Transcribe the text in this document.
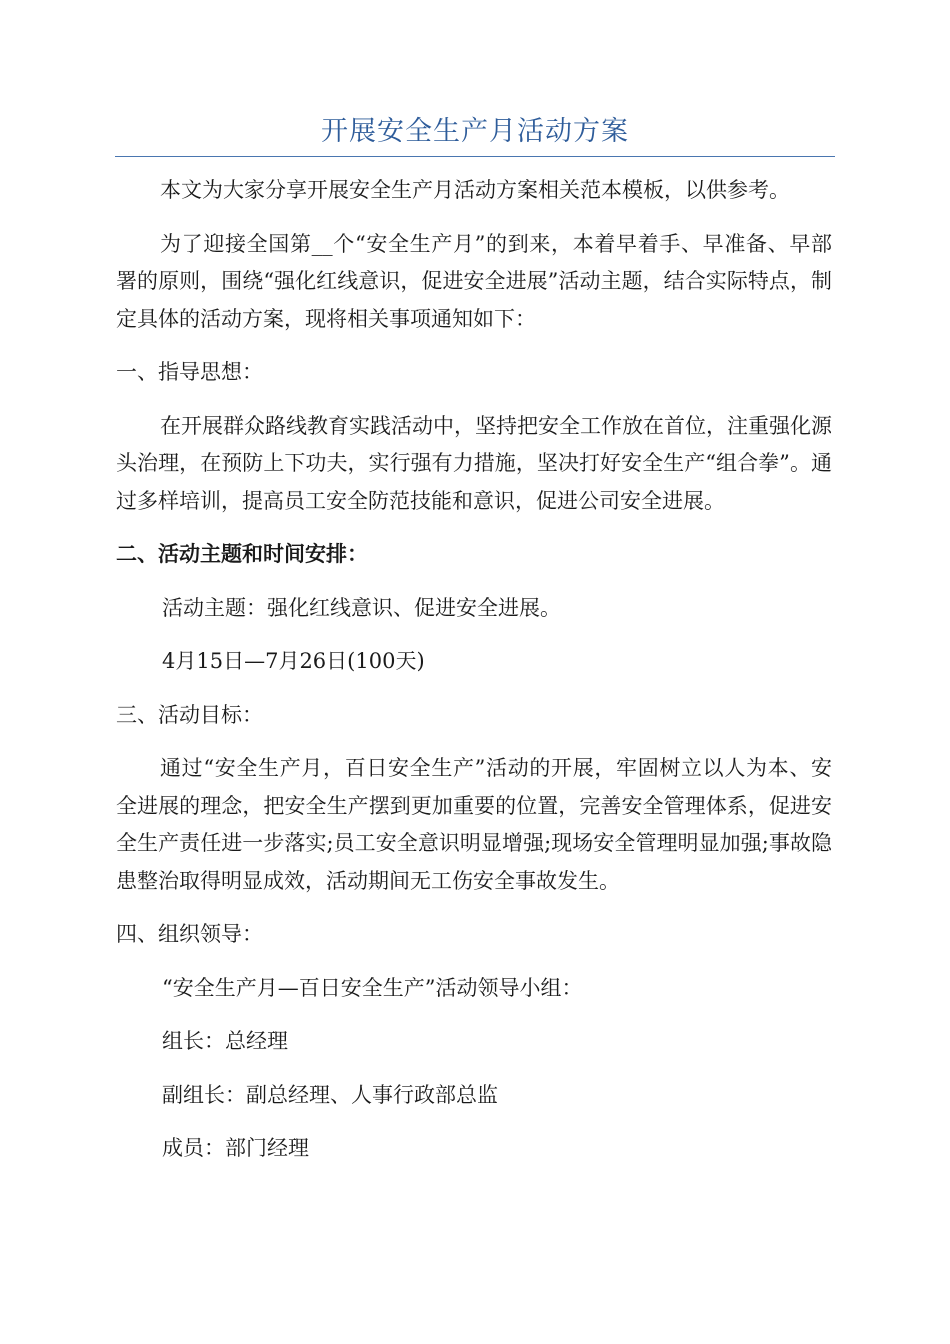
开展安全生产月活动方案

本文为大家分享开展安全生产月活动方案相关范本模板，以供参考。

为了迎接全国第__个“安全生产月”的到来，本着早着手、早准备、早部署的原则，围绕“强化红线意识，促进安全进展”活动主题，结合实际特点，制定具体的活动方案，现将相关事项通知如下：

一、指导思想：

在开展群众路线教育实践活动中，坚持把安全工作放在首位，注重强化源头治理，在预防上下功夫，实行强有力措施，坚决打好安全生产“组合拳”。通过多样培训，提高员工安全防范技能和意识，促进公司安全进展。

二、活动主题和时间安排：

活动主题：强化红线意识、促进安全进展。

4月15日—7月26日(100天)

三、活动目标：

通过“安全生产月，百日安全生产”活动的开展，牢固树立以人为本、安全进展的理念，把安全生产摆到更加重要的位置，完善安全管理体系，促进安全生产责任进一步落实;员工安全意识明显增强;现场安全管理明显加强;事故隐患整治取得明显成效，活动期间无工伤安全事故发生。

四、组织领导：

“安全生产月—百日安全生产”活动领导小组：

组长：总经理

副组长：副总经理、人事行政部总监

成员：部门经理
